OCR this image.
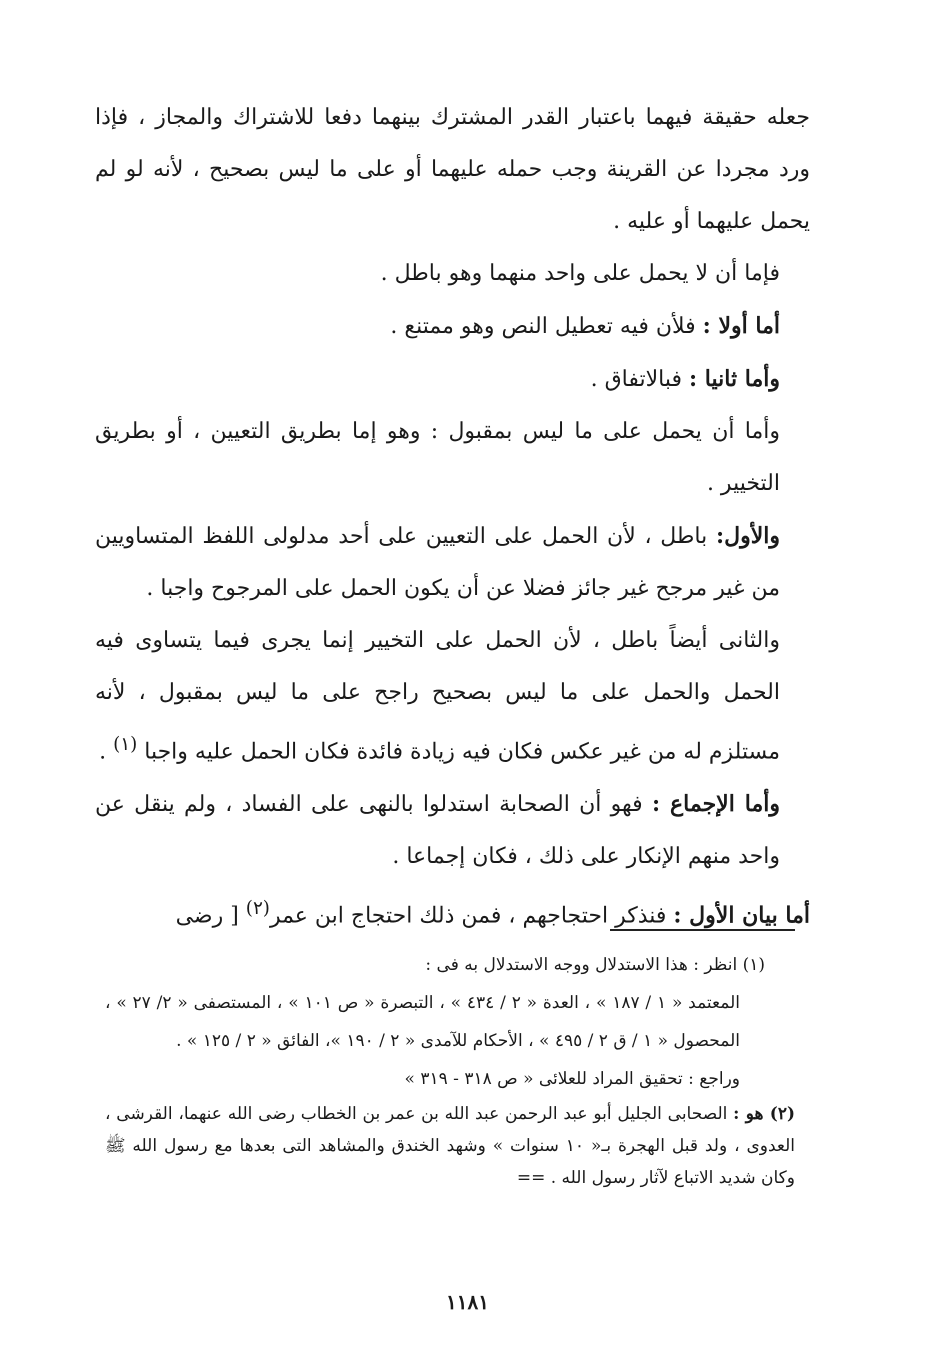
جعله حقيقة فيهما باعتبار القدر المشترك بينهما دفعا للاشتراك والمجاز ، فإذا ورد مجردا عن القرينة وجب حمله عليهما أو على ما ليس بصحيح ، لأنه لو لم يحمل عليهما أو عليه .

فإما أن لا يحمل على واحد منهما وهو باطل .

أما أولا : فلأن فيه تعطيل النص وهو ممتنع .

وأما ثانيا : فبالاتفاق .

وأما أن يحمل على ما ليس بمقبول : وهو إما بطريق التعيين ، أو بطريق التخيير .

والأول: باطل ، لأن الحمل على التعيين على أحد مدلولى اللفظ المتساويين من غير مرجح غير جائز فضلا عن أن يكون الحمل على المرجوح واجبا .

والثانى أيضاً باطل ، لأن الحمل على التخيير إنما يجرى فيما يتساوى فيه الحمل والحمل على ما ليس بصحيح راجح على ما ليس بمقبول ، لأنه مستلزم له من غير عكس فكان فيه زيادة فائدة فكان الحمل عليه واجبا $^{(١)}$ .

وأما الإجماع : فهو أن الصحابة استدلوا بالنهى على الفساد ، ولم ينقل عن واحد منهم الإنكار على ذلك ، فكان إجماعا .

أما بيان الأول : فنذكر احتجاجهم ، فمن ذلك احتجاج ابن عمر$^{(٢)}$ [ رضى

(١) انظر : هذا الاستدلال ووجه الاستدلال به فى :

المعتمد « ١ / ١٨٧ » ، العدة « ٢ / ٤٣٤ » ، التبصرة « ص ١٠١ » ، المستصفى « ٢/ ٢٧ » ، المحصول « ١ / ق ٢ / ٤٩٥ » ، الأحكام للآمدى « ٢ / ١٩٠ »، الفائق « ٢ / ١٢٥ » .

وراجع : تحقيق المراد للعلائى « ص ٣١٨ - ٣١٩ »

(٢) هو : الصحابى الجليل أبو عبد الرحمن عبد الله بن عمر بن الخطاب رضى الله عنهما، القرشى ، العدوى ، ولد قبل الهجرة بـ« ١٠ سنوات » وشهد الخندق والمشاهد التى بعدها مع رسول الله ﷺ وكان شديد الاتباع لآثار رسول الله . ==

١١٨١
